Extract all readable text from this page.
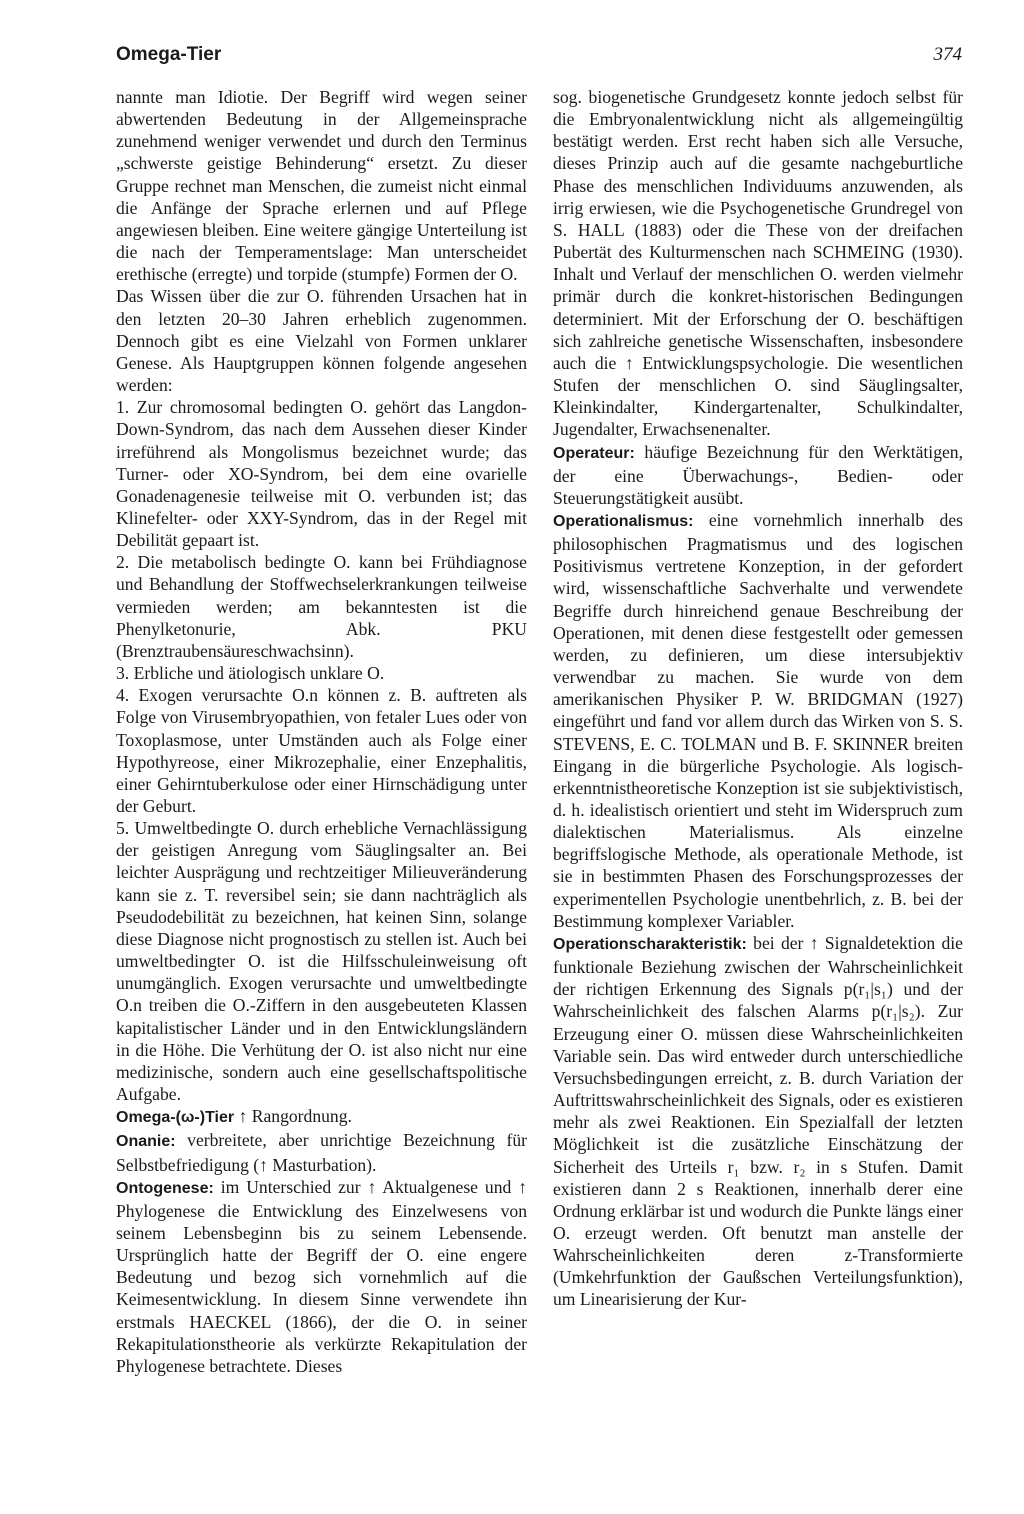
Omega-Tier	374

nannte man Idiotie. Der Begriff wird wegen seiner abwertenden Bedeutung in der Allgemeinsprache zunehmend weniger verwendet und durch den Terminus „schwerste geistige Behinderung“ ersetzt. Zu dieser Gruppe rechnet man Menschen, die zumeist nicht einmal die Anfänge der Sprache erlernen und auf Pflege angewiesen bleiben. Eine weitere gängige Unterteilung ist die nach der Temperamentslage: Man unterscheidet erethische (erregte) und torpide (stumpfe) Formen der O.

Das Wissen über die zur O. führenden Ursachen hat in den letzten 20–30 Jahren erheblich zugenommen. Dennoch gibt es eine Vielzahl von Formen unklarer Genese. Als Hauptgruppen können folgende angesehen werden:

1. Zur chromosomal bedingten O. gehört das Langdon-Down-Syndrom, das nach dem Aussehen dieser Kinder irreführend als Mongolismus bezeichnet wurde; das Turner- oder XO-Syndrom, bei dem eine ovarielle Gonadenagenesie teilweise mit O. verbunden ist; das Klinefelter- oder XXY-Syndrom, das in der Regel mit Debilität gepaart ist.

2. Die metabolisch bedingte O. kann bei Frühdiagnose und Behandlung der Stoffwechselerkrankungen teilweise vermieden werden; am bekanntesten ist die Phenylketonurie, Abk. PKU (Brenztraubensäureschwachsinn).

3. Erbliche und ätiologisch unklare O.

4. Exogen verursachte O.n können z. B. auftreten als Folge von Virusembryopathien, von fetaler Lues oder von Toxoplasmose, unter Umständen auch als Folge einer Hypothyreose, einer Mikrozephalie, einer Enzephalitis, einer Gehirntuberkulose oder einer Hirnschädigung unter der Geburt.

5. Umweltbedingte O. durch erhebliche Vernachlässigung der geistigen Anregung vom Säuglingsalter an. Bei leichter Ausprägung und rechtzeitiger Milieuveränderung kann sie z. T. reversibel sein; sie dann nachträglich als Pseudodebilität zu bezeichnen, hat keinen Sinn, solange diese Diagnose nicht prognostisch zu stellen ist. Auch bei umweltbedingter O. ist die Hilfsschuleinweisung oft unumgänglich. Exogen verursachte und umweltbedingte O.n treiben die O.-Ziffern in den ausgebeuteten Klassen kapitalistischer Länder und in den Entwicklungsländern in die Höhe. Die Verhütung der O. ist also nicht nur eine medizinische, sondern auch eine gesellschaftspolitische Aufgabe.

Omega-(ω-)Tier ↑ Rangordnung.

Onanie: verbreitete, aber unrichtige Bezeichnung für Selbstbefriedigung (↑ Masturbation).

Ontogenese: im Unterschied zur ↑ Aktualgenese und ↑ Phylogenese die Entwicklung des Einzelwesens von seinem Lebensbeginn bis zu seinem Lebensende. Ursprünglich hatte der Begriff der O. eine engere Bedeutung und bezog sich vornehmlich auf die Keimesentwicklung. In diesem Sinne verwendete ihn erstmals HAECKEL (1866), der die O. in seiner Rekapitulationstheorie als verkürzte Rekapitulation der Phylogenese betrachtete. Dieses

sog. biogenetische Grundgesetz konnte jedoch selbst für die Embryonalentwicklung nicht als allgemeingültig bestätigt werden. Erst recht haben sich alle Versuche, dieses Prinzip auch auf die gesamte nachgeburtliche Phase des menschlichen Individuums anzuwenden, als irrig erwiesen, wie die Psychogenetische Grundregel von S. HALL (1883) oder die These von der dreifachen Pubertät des Kulturmenschen nach SCHMEING (1930). Inhalt und Verlauf der menschlichen O. werden vielmehr primär durch die konkret-historischen Bedingungen determiniert. Mit der Erforschung der O. beschäftigen sich zahlreiche genetische Wissenschaften, insbesondere auch die ↑ Entwicklungspsychologie. Die wesentlichen Stufen der menschlichen O. sind Säuglingsalter, Kleinkindalter, Kindergartenalter, Schulkindalter, Jugendalter, Erwachsenenalter.

Operateur: häufige Bezeichnung für den Werktätigen, der eine Überwachungs-, Bedien- oder Steuerungstätigkeit ausübt.

Operationalismus: eine vornehmlich innerhalb des philosophischen Pragmatismus und des logischen Positivismus vertretene Konzeption, in der gefordert wird, wissenschaftliche Sachverhalte und verwendete Begriffe durch hinreichend genaue Beschreibung der Operationen, mit denen diese festgestellt oder gemessen werden, zu definieren, um diese intersubjektiv verwendbar zu machen. Sie wurde von dem amerikanischen Physiker P. W. BRIDGMAN (1927) eingeführt und fand vor allem durch das Wirken von S. S. STEVENS, E. C. TOLMAN und B. F. SKINNER breiten Eingang in die bürgerliche Psychologie. Als logisch-erkenntnistheoretische Konzeption ist sie subjektivistisch, d. h. idealistisch orientiert und steht im Widerspruch zum dialektischen Materialismus. Als einzelne begriffslogische Methode, als operationale Methode, ist sie in bestimmten Phasen des Forschungsprozesses der experimentellen Psychologie unentbehrlich, z. B. bei der Bestimmung komplexer Variabler.

Operationscharakteristik: bei der ↑ Signaldetektion die funktionale Beziehung zwischen der Wahrscheinlichkeit der richtigen Erkennung des Signals p(r₁|s₁) und der Wahrscheinlichkeit des falschen Alarms p(r₁|s₂). Zur Erzeugung einer O. müssen diese Wahrscheinlichkeiten Variable sein. Das wird entweder durch unterschiedliche Versuchsbedingungen erreicht, z. B. durch Variation der Auftrittswahrscheinlichkeit des Signals, oder es existieren mehr als zwei Reaktionen. Ein Spezialfall der letzten Möglichkeit ist die zusätzliche Einschätzung der Sicherheit des Urteils r₁ bzw. r₂ in s Stufen. Damit existieren dann 2 s Reaktionen, innerhalb derer eine Ordnung erklärbar ist und wodurch die Punkte längs einer O. erzeugt werden. Oft benutzt man anstelle der Wahrscheinlichkeiten deren z-Transformierte (Umkehrfunktion der Gaußschen Verteilungsfunktion), um Linearisierung der Kur-
